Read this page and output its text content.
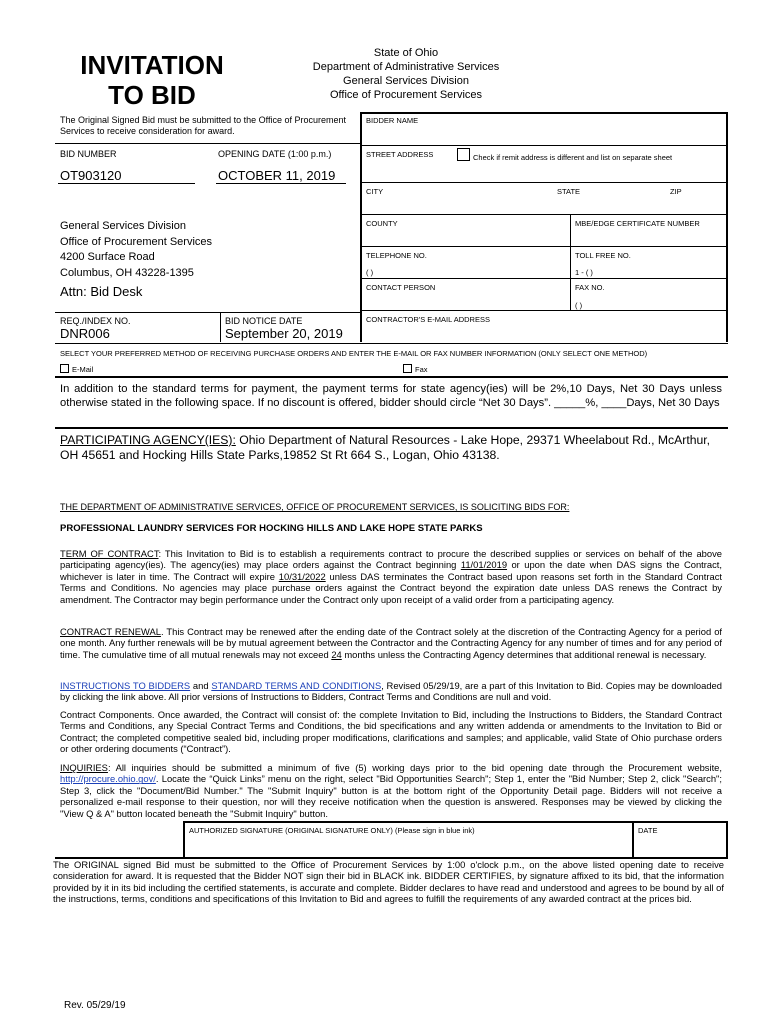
INVITATION
TO BID
State of Ohio
Department of Administrative Services
General Services Division
Office of Procurement Services
The Original Signed Bid must be submitted to the Office of Procurement Services to receive consideration for award.
BID NUMBER	OPENING DATE (1:00 p.m.)
OT903120	OCTOBER 11, 2019
General Services Division
Office of Procurement Services
4200 Surface Road
Columbus, OH 43228-1395
Attn: Bid Desk
REQ./INDEX NO.
DNR006
BID NOTICE DATE
September 20, 2019
BIDDER NAME
STREET ADDRESS	Check if remit address is different and list on separate sheet
CITY	STATE	ZIP
COUNTY	MBE/EDGE CERTIFICATE NUMBER
TELEPHONE NO.
( )
TOLL FREE NO.
1 - ( )
CONTACT PERSON	FAX NO.
( )
CONTRACTOR'S E-MAIL ADDRESS
SELECT YOUR PREFERRED METHOD OF RECEIVING PURCHASE ORDERS AND ENTER THE E-MAIL OR FAX NUMBER INFORMATION (ONLY SELECT ONE METHOD)
E-Mail	Fax
In addition to the standard terms for payment, the payment terms for state agency(ies) will be 2%,10 Days, Net 30 Days unless otherwise stated in the following space. If no discount is offered, bidder should circle “Net 30 Days”. _____%, ____Days, Net 30 Days
PARTICIPATING AGENCY(IES): Ohio Department of Natural Resources - Lake Hope, 29371 Wheelabout Rd., McArthur, OH 45651 and Hocking Hills State Parks,19852 St Rt 664 S., Logan, Ohio 43138.
THE DEPARTMENT OF ADMINISTRATIVE SERVICES, OFFICE OF PROCUREMENT SERVICES, IS SOLICITING BIDS FOR:
PROFESSIONAL LAUNDRY SERVICES FOR HOCKING HILLS AND LAKE HOPE STATE PARKS
TERM OF CONTRACT: This Invitation to Bid is to establish a requirements contract to procure the described supplies or services on behalf of the above participating agency(ies). The agency(ies) may place orders against the Contract beginning 11/01/2019 or upon the date when DAS signs the Contract, whichever is later in time. The Contract will expire 10/31/2022 unless DAS terminates the Contract based upon reasons set forth in the Standard Contract Terms and Conditions. No agencies may place purchase orders against the Contract beyond the expiration date unless DAS renews the Contract by amendment. The Contractor may begin performance under the Contract only upon receipt of a valid order from a participating agency.
CONTRACT RENEWAL. This Contract may be renewed after the ending date of the Contract solely at the discretion of the Contracting Agency for a period of one month. Any further renewals will be by mutual agreement between the Contractor and the Contracting Agency for any number of times and for any period of time. The cumulative time of all mutual renewals may not exceed 24 months unless the Contracting Agency determines that additional renewal is necessary.
INSTRUCTIONS TO BIDDERS and STANDARD TERMS AND CONDITIONS, Revised 05/29/19, are a part of this Invitation to Bid. Copies may be downloaded by clicking the link above. All prior versions of Instructions to Bidders, Contract Terms and Conditions are null and void.
Contract Components. Once awarded, the Contract will consist of: the complete Invitation to Bid, including the Instructions to Bidders, the Standard Contract Terms and Conditions, any Special Contract Terms and Conditions, the bid specifications and any written addenda or amendments to the Invitation to Bid or Contract; the completed competitive sealed bid, including proper modifications, clarifications and samples; and applicable, valid State of Ohio purchase orders or other ordering documents (“Contract”).
INQUIRIES: All inquiries should be submitted a minimum of five (5) working days prior to the bid opening date through the Procurement website, http://procure.ohio.gov/. Locate the “Quick Links” menu on the right, select "Bid Opportunities Search"; Step 1, enter the "Bid Number; Step 2, click "Search"; Step 3, click the "Document/Bid Number." The "Submit Inquiry" button is at the bottom right of the Opportunity Detail page. Bidders will not receive a personalized e-mail response to their question, nor will they receive notification when the question is answered. Responses may be viewed by clicking the "View Q & A" button located beneath the "Submit Inquiry" button.
AUTHORIZED SIGNATURE (ORIGINAL SIGNATURE ONLY) (Please sign in blue ink)	DATE
The ORIGINAL signed Bid must be submitted to the Office of Procurement Services by 1:00 o'clock p.m., on the above listed opening date to receive consideration for award. It is requested that the Bidder NOT sign their bid in BLACK ink. BIDDER CERTIFIES, by signature affixed to its bid, that the information provided by it in its bid including the certified statements, is accurate and complete. Bidder declares to have read and understood and agrees to be bound by all of the instructions, terms, conditions and specifications of this Invitation to Bid and agrees to fulfill the requirements of any awarded contract at the prices bid.
Rev. 05/29/19
